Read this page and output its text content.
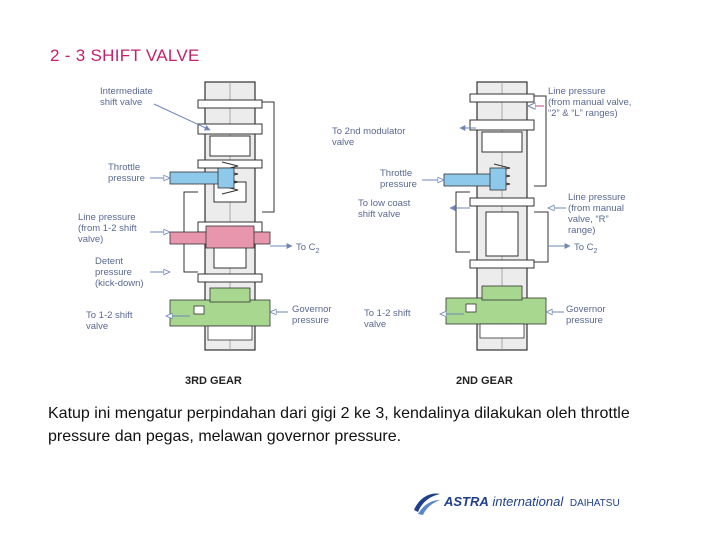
2 - 3 SHIFT VALVE
Intermediate shift valve
Throttle pressure
Line pressure (from 1-2 shift valve)
Detent pressure (kick-down)
To 1-2 shift valve
To $C_2$
Governor pressure
3RD GEAR
Line pressure (from manual valve, “2” & “L” ranges)
To 2nd modulator valve
Throttle pressure
To low coast shift valve
Line pressure (from manual valve, “R” range)
To $C_2$
To 1-2 shift valve
Governor pressure
2ND GEAR
Katup ini mengatur perpindahan dari gigi 2 ke 3, kendalinya dilakukan oleh throttle pressure dan pegas, melawan governor pressure.
ASTRA international DAIHATSU
